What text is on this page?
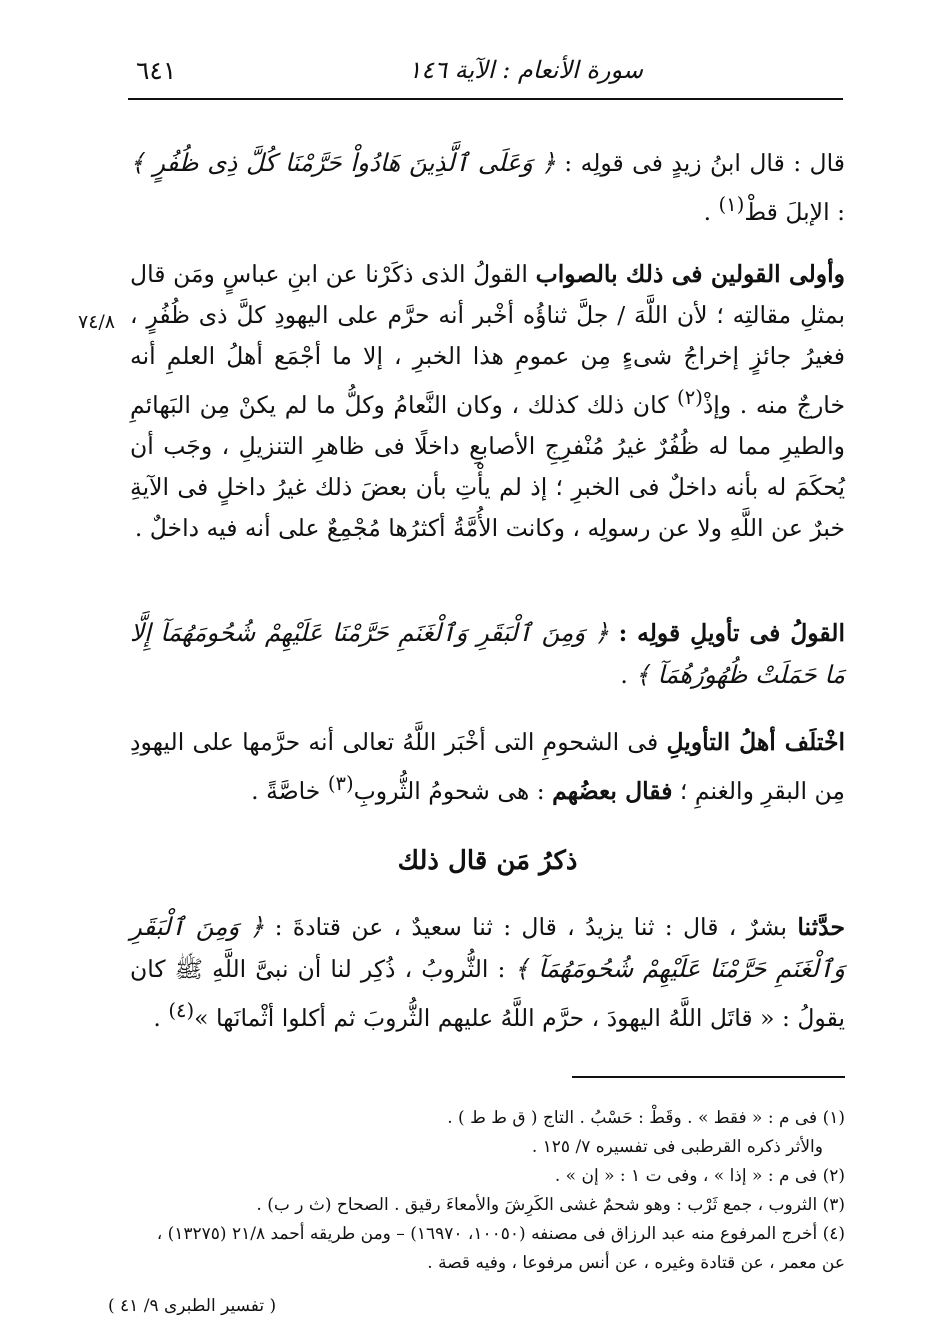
٦٤١	سورة الأنعام : الآية ١٤٦
٧٤/٨
قال : قال ابنُ زيدٍ فى قولِه : ﴿ وَعَلَى ٱلَّذِينَ هَادُواْ حَرَّمْنَا كُلَّ ذِى ظُفُرٍ ﴾ : الإبلَ قطْ$^{(١)}$ .
وأولى القولين فى ذلك بالصواب القولُ الذى ذكَرْنا عن ابنِ عباسٍ ومَن قال بمثلِ مقالتِه ؛ لأن اللَّهَ / جلَّ ثناؤُه أخْبر أنه حرَّم على اليهودِ كلَّ ذى ظُفُرٍ ، فغيرُ جائزٍ إخراجُ شىءٍ مِن عمومِ هذا الخبرِ ، إلا ما أجْمَع أهلُ العلمِ أنه خارجٌ منه . وإذْ$^{(٢)}$ كان ذلك كذلك ، وكان النَّعامُ وكلُّ ما لم يكنْ مِن البَهائمِ والطيرِ مما له ظُفُرٌ غيرُ مُنْفرِجِ الأصابعِ داخلًا فى ظاهرِ التنزيلِ ، وجَب أن يُحكَمَ له بأنه داخلٌ فى الخبرِ ؛ إذ لم يأْتِ بأن بعضَ ذلك غيرُ داخلٍ فى الآيةِ خبرٌ عن اللَّهِ ولا عن رسولِه ، وكانت الأُمَّةُ أكثرُها مُجْمِعٌ على أنه فيه داخلٌ .
القولُ فى تأويلِ قولِه : ﴿ وَمِنَ ٱلْبَقَرِ وَٱلْغَنَمِ حَرَّمْنَا عَلَيْهِمْ شُحُومَهُمَآ إِلَّا مَا حَمَلَتْ ظُهُورُهُمَآ ﴾ .
اخْتلَف أهلُ التأويلِ فى الشحومِ التى أخْبَر اللَّهُ تعالى أنه حرَّمها على اليهودِ مِن البقرِ والغنمِ ؛ فقال بعضُهم : هى شحومُ الثُّروبِ$^{(٣)}$ خاصَّةً .
ذكرُ مَن قال ذلك
حدَّثنا بشرٌ ، قال : ثنا يزيدُ ، قال : ثنا سعيدٌ ، عن قتادةَ : ﴿ وَمِنَ ٱلْبَقَرِ وَٱلْغَنَمِ حَرَّمْنَا عَلَيْهِمْ شُحُومَهُمَآ ﴾ : الثُّروبُ ، ذُكِر لنا أن نبىَّ اللَّهِ ﷺ كان يقولُ : « قاتَل اللَّهُ اليهودَ ، حرَّم اللَّهُ عليهم الثُّروبَ ثم أكلوا أثْمانَها »$^{(٤)}$ .

(١) فى م : « فقط » . وقَطْ : حَسْبُ . التاج ( ق ط ط ) .

والأثر ذكره القرطبى فى تفسيره ٧/ ١٢٥ .

(٢) فى م : « إذا » ، وفى ت ١ : « إن » .

(٣) الثروب ، جمع ثَرْب : وهو شحمٌ غشى الكَرِشَ والأمعاءَ رقيق . الصحاح (ث ر ب) .

(٤) أخرج المرفوع منه عبد الرزاق فى مصنفه (١٠٠٥٠، ١٦٩٧٠) – ومن طريقه أحمد ٢١/٨ (١٣٢٧٥) ، عن معمر ، عن قتادة وغيره ، عن أنس مرفوعا ، وفيه قصة .

( تفسير الطبرى ٩/ ٤١ )
